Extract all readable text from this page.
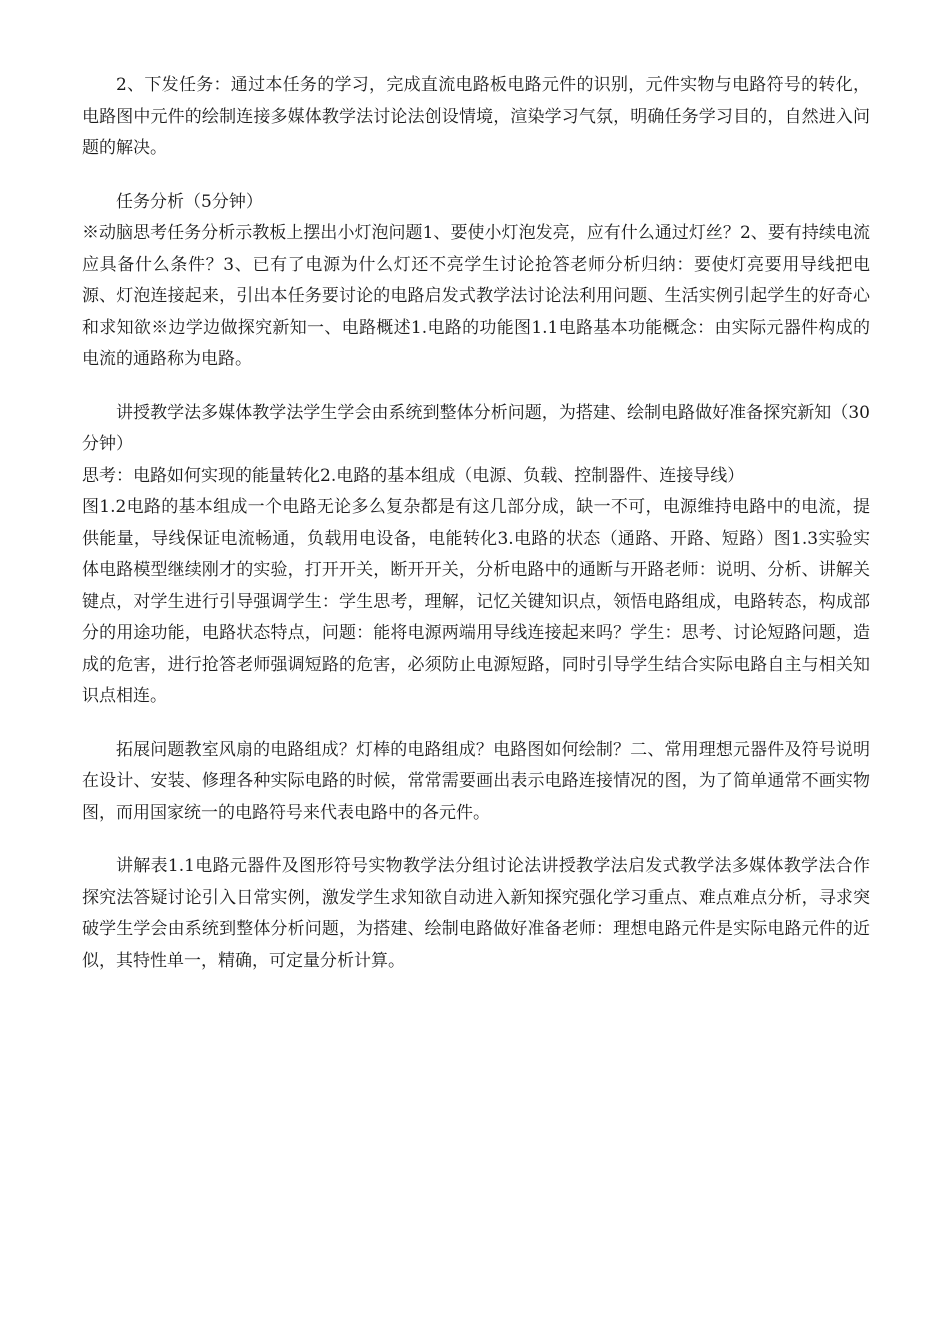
2、下发任务：通过本任务的学习，完成直流电路板电路元件的识别，元件实物与电路符号的转化，电路图中元件的绘制连接多媒体教学法讨论法创设情境，渲染学习气氛，明确任务学习目的，自然进入问题的解决。

任务分析（5分钟）

※动脑思考任务分析示教板上摆出小灯泡问题1、要使小灯泡发亮，应有什么通过灯丝？2、要有持续电流应具备什么条件？3、已有了电源为什么灯还不亮学生讨论抢答老师分析归纳：要使灯亮要用导线把电源、灯泡连接起来，引出本任务要讨论的电路启发式教学法讨论法利用问题、生活实例引起学生的好奇心和求知欲※边学边做探究新知一、电路概述1.电路的功能图1.1电路基本功能概念：由实际元器件构成的电流的通路称为电路。

讲授教学法多媒体教学法学生学会由系统到整体分析问题，为搭建、绘制电路做好准备探究新知（30分钟）

思考：电路如何实现的能量转化2.电路的基本组成（电源、负载、控制器件、连接导线）

图1.2电路的基本组成一个电路无论多么复杂都是有这几部分成，缺一不可，电源维持电路中的电流，提供能量，导线保证电流畅通，负载用电设备，电能转化3.电路的状态（通路、开路、短路）图1.3实验实体电路模型继续刚才的实验，打开开关，断开开关，分析电路中的通断与开路老师：说明、分析、讲解关键点，对学生进行引导强调学生：学生思考，理解，记忆关键知识点，领悟电路组成，电路转态，构成部分的用途功能，电路状态特点，问题：能将电源两端用导线连接起来吗？学生：思考、讨论短路问题，造成的危害，进行抢答老师强调短路的危害，必须防止电源短路，同时引导学生结合实际电路自主与相关知识点相连。

拓展问题教室风扇的电路组成？灯棒的电路组成？电路图如何绘制？二、常用理想元器件及符号说明在设计、安装、修理各种实际电路的时候，常常需要画出表示电路连接情况的图，为了简单通常不画实物图，而用国家统一的电路符号来代表电路中的各元件。

讲解表1.1电路元器件及图形符号实物教学法分组讨论法讲授教学法启发式教学法多媒体教学法合作探究法答疑讨论引入日常实例，激发学生求知欲自动进入新知探究强化学习重点、难点难点分析，寻求突破学生学会由系统到整体分析问题，为搭建、绘制电路做好准备老师：理想电路元件是实际电路元件的近似，其特性单一，精确，可定量分析计算。
